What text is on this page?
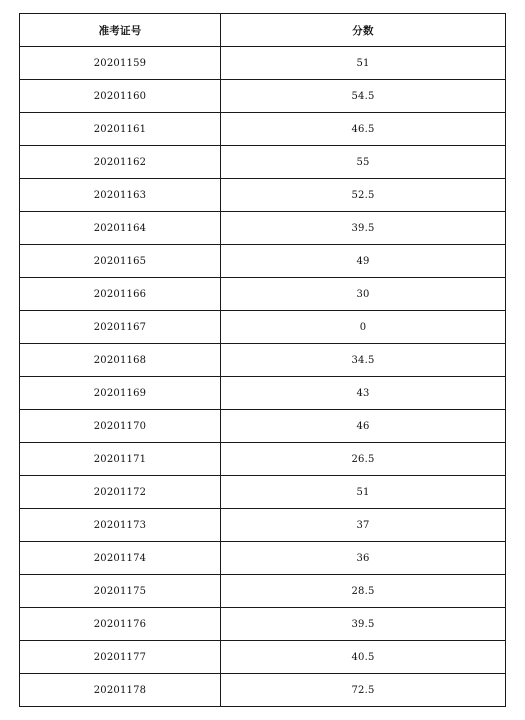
准考证号	分数
20201159	51
20201160	54.5
20201161	46.5
20201162	55
20201163	52.5
20201164	39.5
20201165	49
20201166	30
20201167	0
20201168	34.5
20201169	43
20201170	46
20201171	26.5
20201172	51
20201173	37
20201174	36
20201175	28.5
20201176	39.5
20201177	40.5
20201178	72.5
